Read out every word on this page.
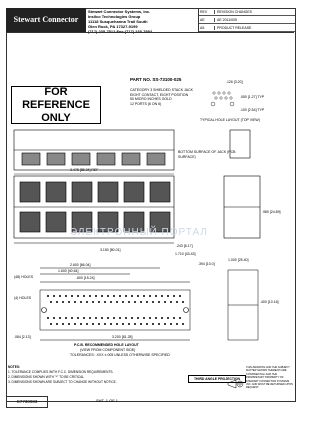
Stewart Connector
Stewart Connector Systems, Inc.
Insilco Technologies Group
11118 Susquehanna Trail South
Glen Rock, PA 17327-9199
REV	REVISION CHANGES
AE	AE 2011/005
A5	PRODUCT RELEASE
FOR REFERENCE
ONLY
PART NO. SS-73100-025
CATEGORY 3 SHIELDED STACK JACK
EIGHT CONTACT, EIGHT POSITION
50 MICRO INCHES GOLD
12 PORTS (6 ON 6)
3.478 [88.34] REF
2.600 [66.04]
1.600 [40.64]
.600 [15.24]
3.150 [80.01]
3.200 [81.28]
1.710 [43.43]
.394 [10.0]
.084 [2.13]
1.000 [25.40]
.400 [10.16]
.243 [6.17]
.126 [3.20]
.050 [1.27] TYP
.100 [2.54] TYP
.980 [24.89]
TYPICAL HOLE LAYOUT (TOP VIEW)
BOTTOM SURFACE OF JACK (PCB SURFACE)
P.C.B. RECOMMENDED HOLE LAYOUT
(VIEW FROM COMPONENT SIDE)
TOLERANCES: .XXX ±.005 UNLESS OTHERWISE SPECIFIED
(48) HOLES
(4) HOLES
ЭЛЕКТРОННЫЙ ПОРТАЛ
NOTES:
1. TOLERANCE COMPLIES WITH F.C.C. DIMENSION REQUIREMENTS.
2. DIMENSIONS SHOWN WITH "*" TO BE CRITICAL
3. DIMENSIONS SHOWN ARE SUBJECT TO CHANGE WITHOUT NOTICE.
THIRD ANGLE PROJECTION
THIS DRAWING AND THE SUBJECT MATTER SHOWN THEREON ARE CONFIDENTIAL AND THE PROPRIETARY PROPERTY OF STEWART CONNECTOR SYSTEMS INC. AND MUST BE RETURNED UPON REQUEST.
C7730083	SHT. 1 OF 1
